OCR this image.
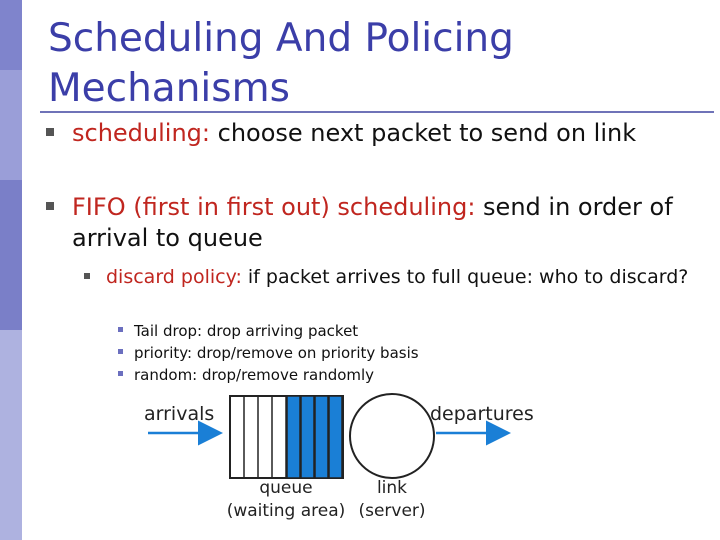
Scheduling And Policing
Mechanisms
scheduling: choose next packet to send on link
FIFO (first in first out) scheduling: send in order of arrival to queue
discard policy: if packet arrives to full queue: who to discard?
Tail drop: drop arriving packet
priority: drop/remove on priority basis
random: drop/remove randomly
arrivals	departures
queue
(waiting area)
link
(server)
